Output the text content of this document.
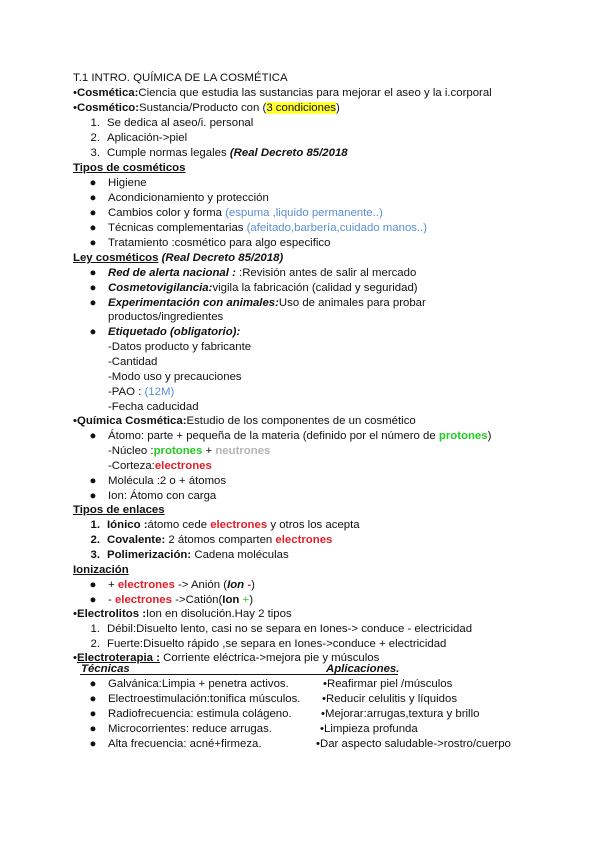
T.1 INTRO. QUÍMICA DE LA COSMÉTICA
•Cosmética:Ciencia que estudia las sustancias para mejorar el aseo y la i.corporal
•Cosmético:Sustancia/Producto con (3 condiciones)
1. Se dedica al aseo/i. personal
2. Aplicación->piel
3. Cumple normas legales (Real Decreto 85/2018
Tipos de cosméticos
● Higiene
● Acondicionamiento y protección
● Cambios color y forma (espuma ,liquido permanente..)
● Técnicas complementarias (afeitado,barbería,cuidado manos..)
● Tratamiento :cosmético para algo especifico
Ley cosméticos (Real Decreto 85/2018)
● Red de alerta nacional : :Revisión antes de salir al mercado
● Cosmetovigilancia:vigila la fabricación (calidad y seguridad)
● Experimentación con animales:Uso de animales para probar
productos/ingredientes
● Etiquetado (obligatorio):
-Datos producto y fabricante
-Cantidad
-Modo uso y precauciones
-PAO : (12M)
-Fecha caducidad
•Química Cosmética:Estudio de los componentes de un cosmético
● Átomo: parte + pequeña de la materia (definido por el número de protones)
-Núcleo :protones + neutrones
-Corteza:electrones
● Molécula :2 o + átomos
● Ion: Átomo con carga
Tipos de enlaces
1. Iónico :átomo cede electrones y otros los acepta
2. Covalente: 2 átomos comparten electrones
3. Polimerización: Cadena moléculas
Ionización
● + electrones -> Anión (Ion -)
● - electrones ->Catión(Ion +)
•Electrolitos :Ion en disolución.Hay 2 tipos
1. Débil:Disuelto lento, casi no se separa en Iones-> conduce - electricidad
2. Fuerte:Disuelto rápido ,se separa en Iones->conduce + electricidad
•Electroterapia : Corriente eléctrica->mejora pie y músculos
Técnicas	Aplicaciones.
● Galvánica:Limpia + penetra activos.	•Reafirmar piel /músculos
● Electroestimulación:tonifica músculos. •Reducir celulitis y líquidos
● Radiofrecuencia: estimula colágeno.	•Mejorar:arrugas,textura y brillo
● Microcorrientes: reduce arrugas.	•Limpieza profunda
● Alta frecuencia: acné+firmeza.	•Dar aspecto saludable->rostro/cuerpo
